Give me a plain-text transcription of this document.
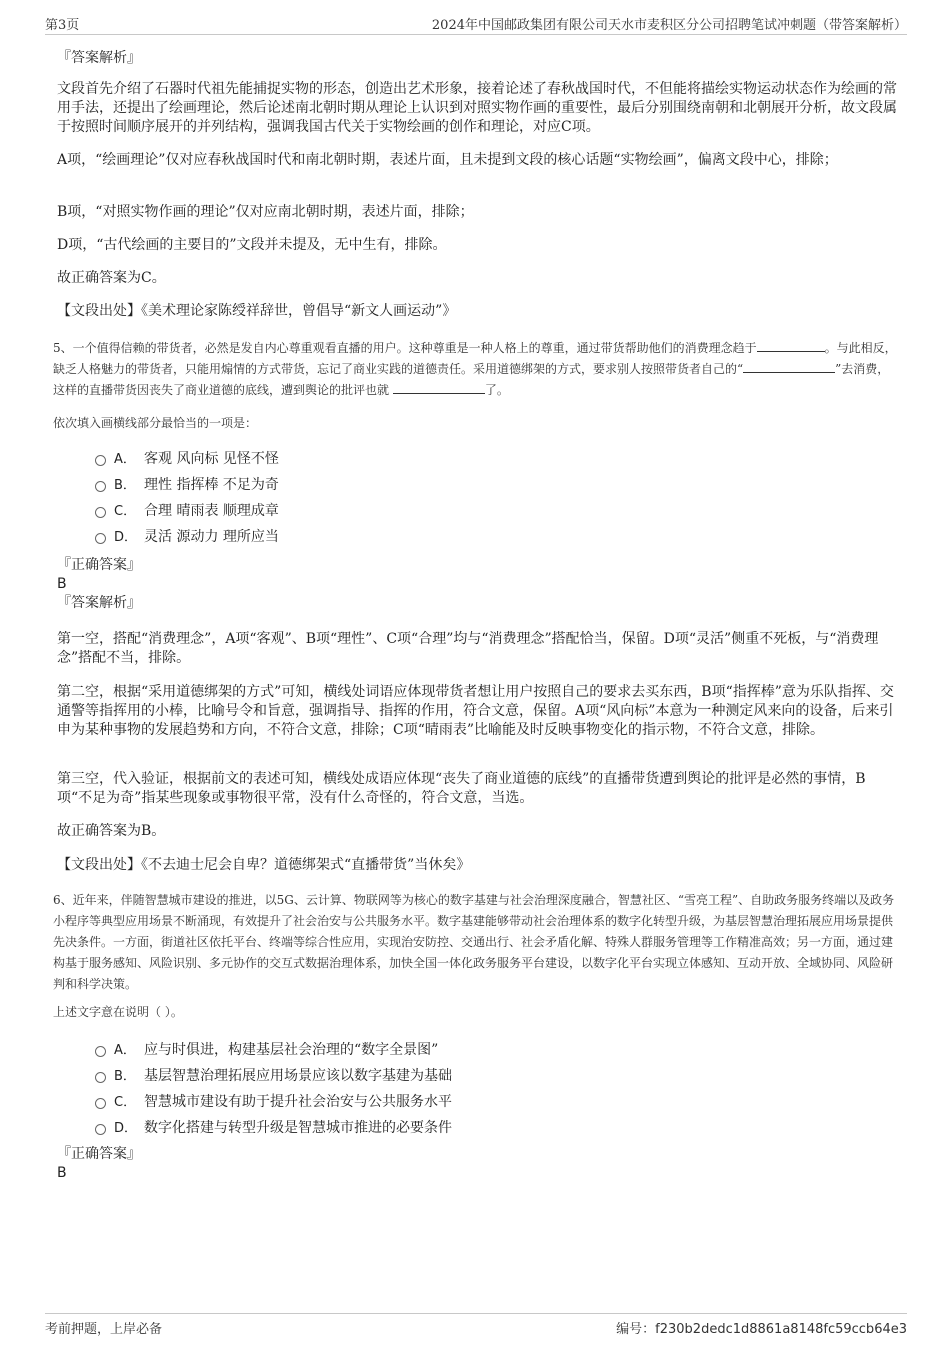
第3页	2024年中国邮政集团有限公司天水市麦积区分公司招聘笔试冲刺题（带答案解析）

『答案解析』

文段首先介绍了石器时代祖先能捕捉实物的形态，创造出艺术形象，接着论述了春秋战国时代，不但能将描绘实物运动状态作为绘画的常用手法，还提出了绘画理论，然后论述南北朝时期从理论上认识到对照实物作画的重要性，最后分别围绕南朝和北朝展开分析，故文段属于按照时间顺序展开的并列结构，强调我国古代关于实物绘画的创作和理论，对应C项。

A项，“绘画理论”仅对应春秋战国时代和南北朝时期，表述片面，且未提到文段的核心话题“实物绘画”，偏离文段中心，排除；

B项，“对照实物作画的理论”仅对应南北朝时期，表述片面，排除；

D项，“古代绘画的主要目的”文段并未提及，无中生有，排除。

故正确答案为C。

【文段出处】《美术理论家陈绶祥辞世，曾倡导“新文人画运动”》

5、一个值得信赖的带货者，必然是发自内心尊重观看直播的用户。这种尊重是一种人格上的尊重，通过带货帮助他们的消费理念趋于	。与此相反，缺乏人格魅力的带货者，只能用煽情的方式带货，忘记了商业实践的道德责任。采用道德绑架的方式，要求别人按照带货者自己的“	”去消费，这样的直播带货因丧失了商业道德的底线，遭到舆论的批评也就	了。

依次填入画横线部分最恰当的一项是：

A． 客观 风向标 见怪不怪
B． 理性 指挥棒 不足为奇
C． 合理 晴雨表 顺理成章
D． 灵活 源动力 理所应当

『正确答案』

B

『答案解析』

第一空，搭配“消费理念”，A项“客观”、B项“理性”、C项“合理”均与“消费理念”搭配恰当，保留。D项“灵活”侧重不死板，与“消费理念”搭配不当，排除。

第二空，根据“采用道德绑架的方式”可知，横线处词语应体现带货者想让用户按照自己的要求去买东西，B项“指挥棒”意为乐队指挥、交通警等指挥用的小棒，比喻号令和旨意，强调指导、指挥的作用，符合文意，保留。A项“风向标”本意为一种测定风来向的设备，后来引申为某种事物的发展趋势和方向，不符合文意，排除；C项“晴雨表”比喻能及时反映事物变化的指示物，不符合文意，排除。

第三空，代入验证，根据前文的表述可知，横线处成语应体现“丧失了商业道德的底线”的直播带货遭到舆论的批评是必然的事情，B项“不足为奇”指某些现象或事物很平常，没有什么奇怪的，符合文意，当选。

故正确答案为B。

【文段出处】《不去迪士尼会自卑？道德绑架式“直播带货”当休矣》

6、近年来，伴随智慧城市建设的推进，以5G、云计算、物联网等为核心的数字基建与社会治理深度融合，智慧社区、“雪亮工程”、自助政务服务终端以及政务小程序等典型应用场景不断涌现，有效提升了社会治安与公共服务水平。数字基建能够带动社会治理体系的数字化转型升级，为基层智慧治理拓展应用场景提供先决条件。一方面，街道社区依托平台、终端等综合性应用，实现治安防控、交通出行、社会矛盾化解、特殊人群服务管理等工作精准高效；另一方面，通过建构基于服务感知、风险识别、多元协作的交互式数据治理体系，加快全国一体化政务服务平台建设，以数字化平台实现立体感知、互动开放、全域协同、风险研判和科学决策。

上述文字意在说明（ ）。

A． 应与时俱进，构建基层社会治理的“数字全景图”
B． 基层智慧治理拓展应用场景应该以数字基建为基础
C． 智慧城市建设有助于提升社会治安与公共服务水平
D． 数字化搭建与转型升级是智慧城市推进的必要条件

『正确答案』

B

考前押题，上岸必备	编号：f230b2dedc1d8861a8148fc59ccb64e3
